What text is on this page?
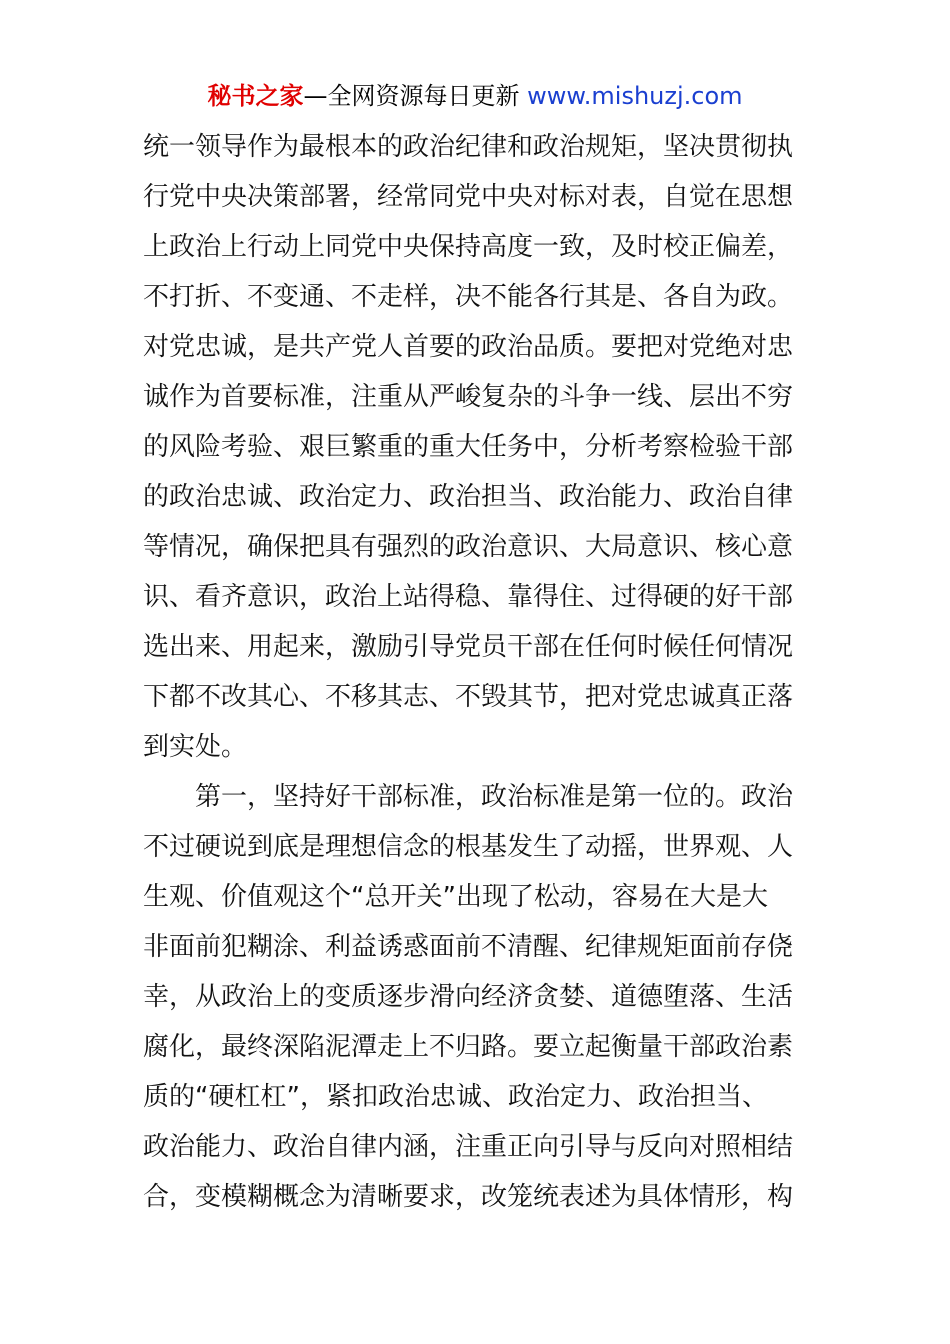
秘书之家—全网资源每日更新 www.mishuzj.com
统一领导作为最根本的政治纪律和政治规矩，坚决贯彻执
行党中央决策部署，经常同党中央对标对表，自觉在思想
上政治上行动上同党中央保持高度一致，及时校正偏差，
不打折、不变通、不走样，决不能各行其是、各自为政。
对党忠诚，是共产党人首要的政治品质。要把对党绝对忠
诚作为首要标准，注重从严峻复杂的斗争一线、层出不穷
的风险考验、艰巨繁重的重大任务中，分析考察检验干部
的政治忠诚、政治定力、政治担当、政治能力、政治自律
等情况，确保把具有强烈的政治意识、大局意识、核心意
识、看齐意识，政治上站得稳、靠得住、过得硬的好干部
选出来、用起来，激励引导党员干部在任何时候任何情况
下都不改其心、不移其志、不毁其节，把对党忠诚真正落
到实处。
第一，坚持好干部标准，政治标准是第一位的。政治
不过硬说到底是理想信念的根基发生了动摇，世界观、人
生观、价值观这个“总开关”出现了松动，容易在大是大
非面前犯糊涂、利益诱惑面前不清醒、纪律规矩面前存侥
幸，从政治上的变质逐步滑向经济贪婪、道德堕落、生活
腐化，最终深陷泥潭走上不归路。要立起衡量干部政治素
质的“硬杠杠”，紧扣政治忠诚、政治定力、政治担当、
政治能力、政治自律内涵，注重正向引导与反向对照相结
合，变模糊概念为清晰要求，改笼统表述为具体情形，构
